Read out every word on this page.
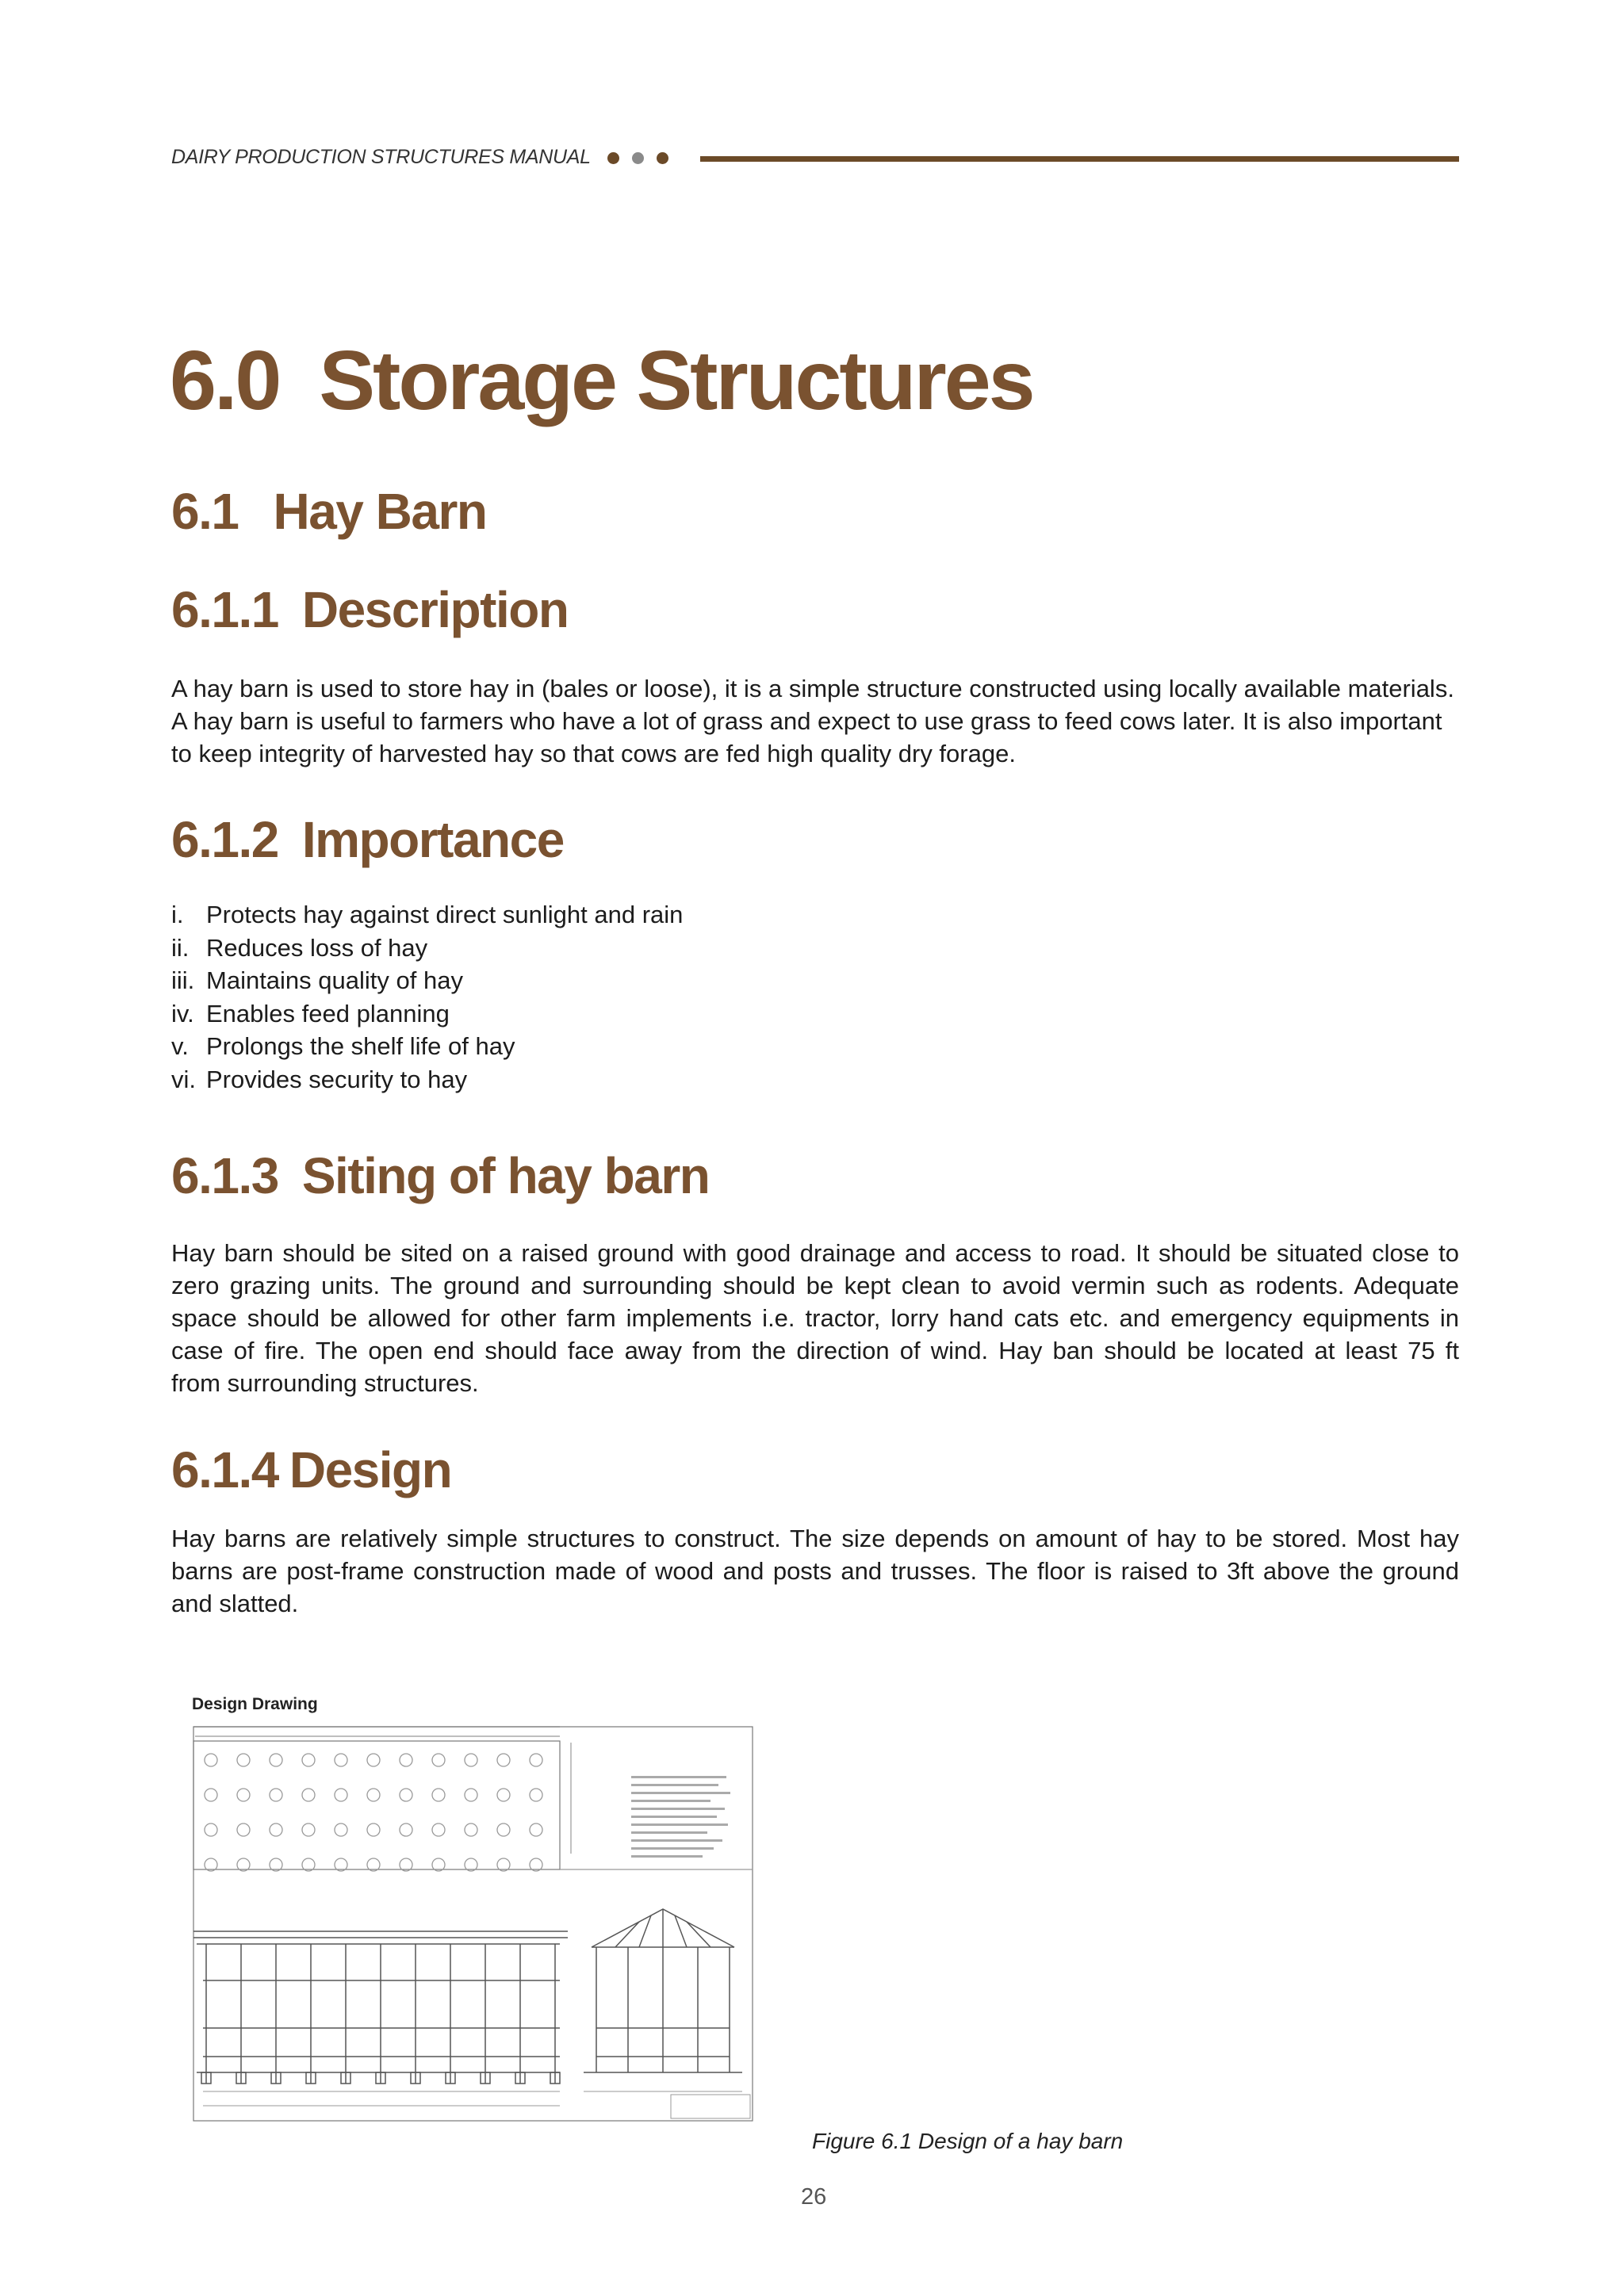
DAIRY PRODUCTION STRUCTURES MANUAL
6.0 Storage Structures
6.1 Hay Barn
6.1.1 Description
A hay barn is used to store hay in (bales or loose), it is a simple structure constructed using locally available materials.
A hay barn is useful to farmers who have a lot of grass and expect to use grass to feed cows later. It is also important
to keep integrity of harvested hay so that cows are fed high quality dry forage.
6.1.2 Importance
i. Protects hay against direct sunlight and rain
ii. Reduces loss of hay
iii. Maintains quality of hay
iv. Enables feed planning
v. Prolongs the shelf life of hay
vi. Provides security to hay
6.1.3 Siting of hay barn
Hay barn should be sited on a raised ground with good drainage and access to road. It should be situated close to
zero grazing units. The ground and surrounding should be kept clean to avoid vermin such as rodents. Adequate
space should be allowed for other farm implements i.e. tractor, lorry hand cats etc. and emergency equipments in
case of fire. The open end should face away from the direction of wind. Hay ban should be located at least 75 ft
from surrounding structures.
6.1.4 Design
Hay barns are relatively simple structures to construct. The size depends on amount of hay to be stored. Most hay
barns are post-frame construction made of wood and posts and trusses. The floor is raised to 3ft above the ground
and slatted.
Design Drawing
Figure 6.1 Design of a hay barn
26
